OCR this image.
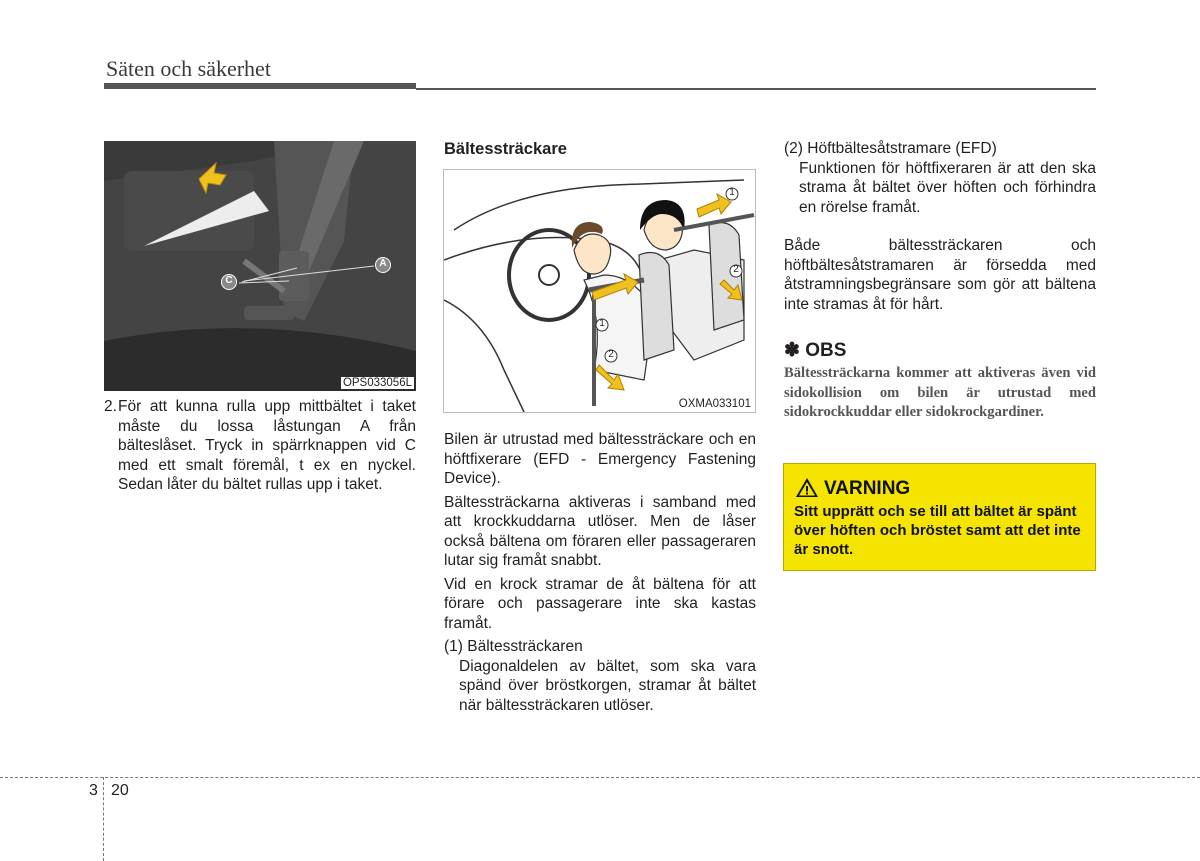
Säten och säkerhet
A
C
OPS033056L
2.För att kunna rulla upp mittbältet i taket måste du lossa låstungan A från bälteslåset. Tryck in spärrknappen vid C med ett smalt föremål, t ex en nyckel. Sedan låter du bältet rullas upp i taket.
Bältessträckare
1
1
2
2
OXMA033101

Bilen är utrustad med bältessträckare och en höftfixerare (EFD - Emergency Fastening Device).

Bältessträckarna aktiveras i samband med att krockkuddarna utlöser. Men de låser också bältena om föraren eller passageraren lutar sig framåt snabbt.

Vid en krock stramar de åt bältena för att förare och passagerare inte ska kastas framåt.

(1) Bältessträckaren

Diagonaldelen av bältet, som ska vara spänd över bröstkorgen, stramar åt bältet när bältessträckaren utlöser.

(2) Höftbältesåtstramare (EFD)

Funktionen för höftfixeraren är att den ska strama åt bältet över höften och förhindra en rörelse framåt.

Både bältessträckaren och höftbältesåtstramaren är försedda med åtstramningsbegränsare som gör att bältena inte stramas åt för hårt.

✽ OBS
Bältessträckarna kommer att aktiveras även vid sidokollision om bilen är utrustad med sidokrockkuddar eller sidokrockgardiner.
VARNING
Sitt upprätt och se till att bältet är spänt över höften och bröstet samt att det inte är snott.
3 20
